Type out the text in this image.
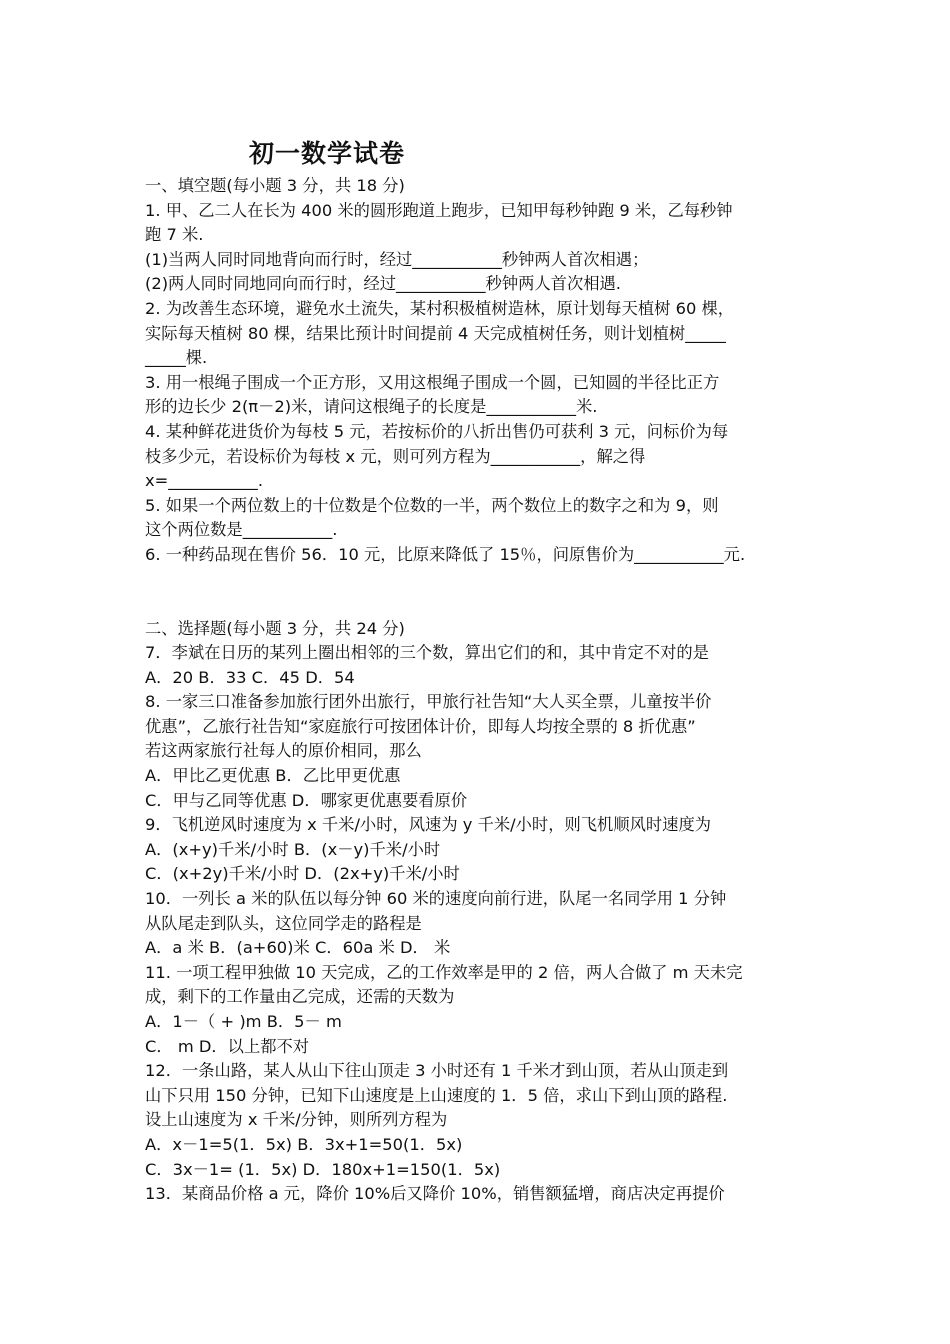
初一数学试卷
一、填空题(每小题 3 分，共 18 分)
1. 甲、乙二人在长为 400 米的圆形跑道上跑步，已知甲每秒钟跑 9 米，乙每秒钟
跑 7 米.
(1)当两人同时同地背向而行时，经过___________秒钟两人首次相遇；
(2)两人同时同地同向而行时，经过___________秒钟两人首次相遇.
2. 为改善生态环境，避免水土流失，某村积极植树造林，原计划每天植树 60 棵，
实际每天植树 80 棵，结果比预计时间提前 4 天完成植树任务，则计划植树_____
_____棵.
3. 用一根绳子围成一个正方形，又用这根绳子围成一个圆，已知圆的半径比正方
形的边长少 2(π－2)米，请问这根绳子的长度是___________米.
4. 某种鲜花进货价为每枝 5 元，若按标价的八折出售仍可获利 3 元，问标价为每
枝多少元，若设标价为每枝 x 元，则可列方程为___________，解之得
x=___________.
5. 如果一个两位数上的十位数是个位数的一半，两个数位上的数字之和为 9，则
这个两位数是___________.
6. 一种药品现在售价 56．10 元，比原来降低了 15％，问原售价为___________元.
二、选择题(每小题 3 分，共 24 分)
7．李斌在日历的某列上圈出相邻的三个数，算出它们的和，其中肯定不对的是
A．20 B．33 C．45 D．54
8. 一家三口准备参加旅行团外出旅行，甲旅行社告知“大人买全票，儿童按半价
优惠”，乙旅行社告知“家庭旅行可按团体计价，即每人均按全票的 8 折优惠”
若这两家旅行社每人的原价相同，那么
A．甲比乙更优惠 B．乙比甲更优惠
C．甲与乙同等优惠 D．哪家更优惠要看原价
9．飞机逆风时速度为 x 千米/小时，风速为 y 千米/小时，则飞机顺风时速度为
A．(x+y)千米/小时 B．(x－y)千米/小时
C．(x+2y)千米/小时 D．(2x+y)千米/小时
10．一列长 a 米的队伍以每分钟 60 米的速度向前行进，队尾一名同学用 1 分钟
从队尾走到队头，这位同学走的路程是
A．a 米 B．(a+60)米 C．60a 米 D． 米
11. 一项工程甲独做 10 天完成，乙的工作效率是甲的 2 倍，两人合做了 m 天未完
成，剩下的工作量由乙完成，还需的天数为
A．1－（ + )m B．5－ m
C． m D．以上都不对
12．一条山路，某人从山下往山顶走 3 小时还有 1 千米才到山顶，若从山顶走到
山下只用 150 分钟，已知下山速度是上山速度的 1．5 倍，求山下到山顶的路程.
设上山速度为 x 千米/分钟，则所列方程为
A．x－1=5(1．5x) B．3x+1=50(1．5x)
C．3x－1= (1．5x) D．180x+1=150(1．5x)
13．某商品价格 a 元，降价 10%后又降价 10%，销售额猛增，商店决定再提价
